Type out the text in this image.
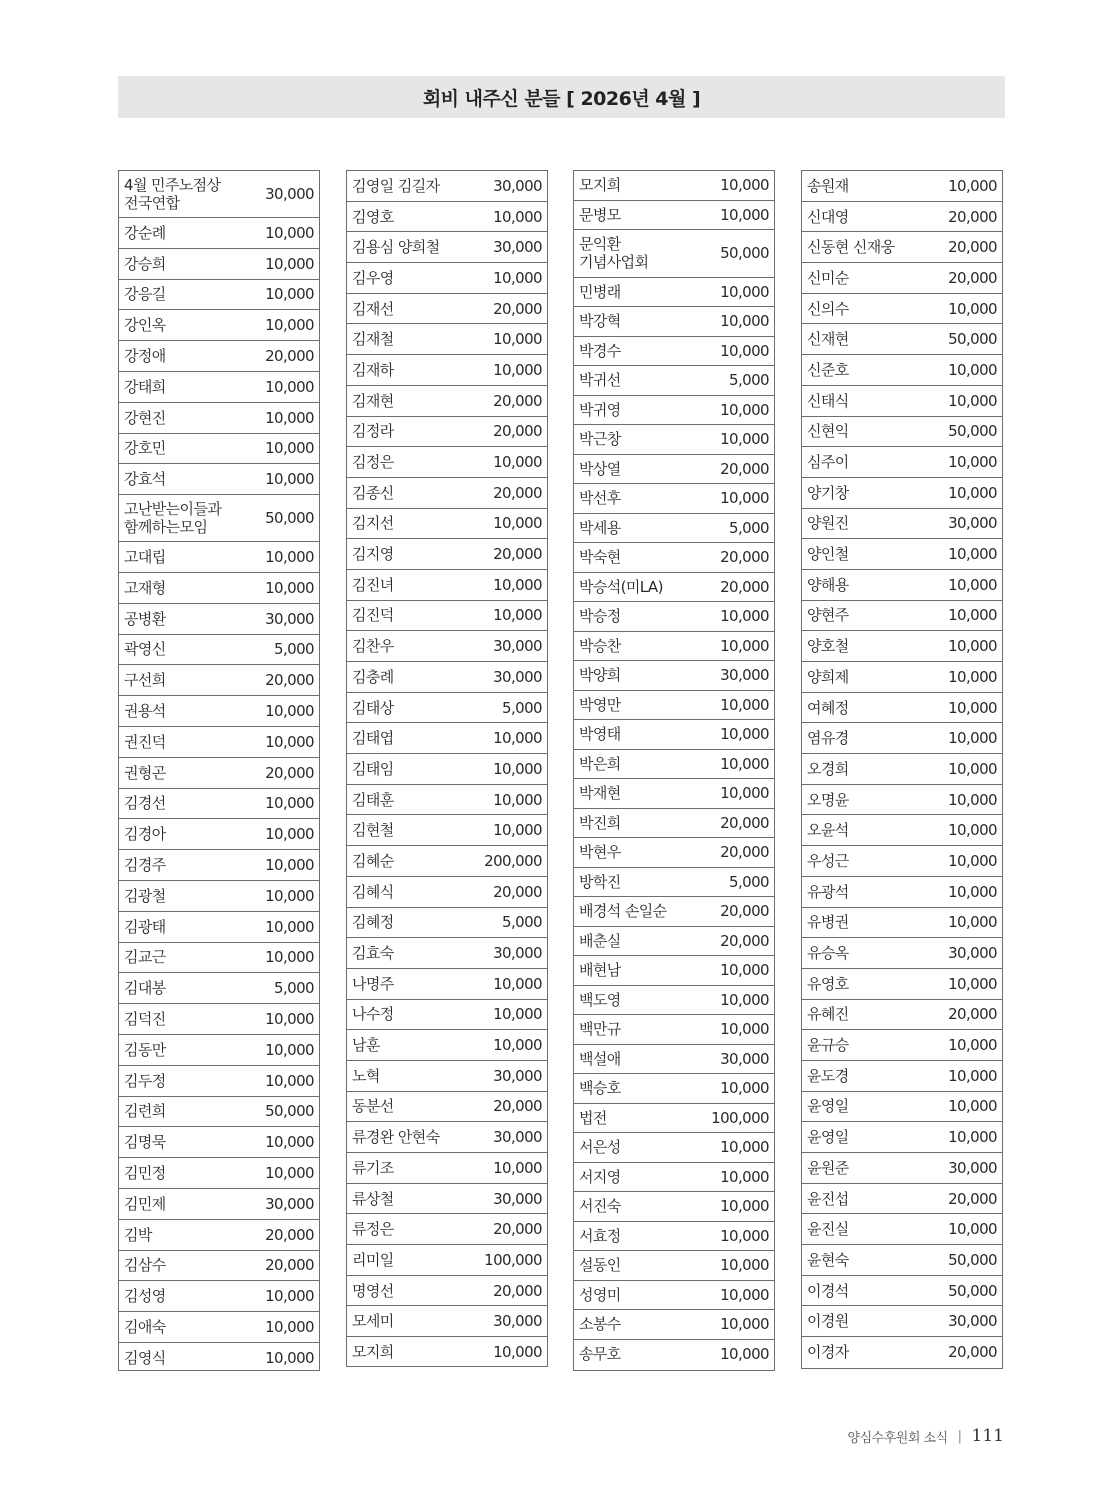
회비 내주신 분들 [ 2026년 4월 ]
4월 민주노점상
전국연합	30,000
강순례	10,000
강승희	10,000
강응길	10,000
강인옥	10,000
강정애	20,000
강태희	10,000
강현진	10,000
강호민	10,000
강효석	10,000
고난받는이들과
함께하는모임	50,000
고대립	10,000
고재형	10,000
공병환	30,000
곽영신	5,000
구선희	20,000
권용석	10,000
권진덕	10,000
권형곤	20,000
김경선	10,000
김경아	10,000
김경주	10,000
김광철	10,000
김광태	10,000
김교근	10,000
김대봉	5,000
김덕진	10,000
김동만	10,000
김두정	10,000
김련희	50,000
김명묵	10,000
김민정	10,000
김민제	30,000
김박	20,000
김삼수	20,000
김성영	10,000
김애숙	10,000
김영식	10,000
김영일 김길자	30,000
김영호	10,000
김용심 양희철	30,000
김우영	10,000
김재선	20,000
김재철	10,000
김재하	10,000
김재현	20,000
김정라	20,000
김정은	10,000
김종신	20,000
김지선	10,000
김지영	20,000
김진녀	10,000
김진덕	10,000
김찬우	30,000
김충례	30,000
김태상	5,000
김태엽	10,000
김태임	10,000
김태훈	10,000
김현철	10,000
김혜순	200,000
김혜식	20,000
김혜정	5,000
김효숙	30,000
나명주	10,000
나수정	10,000
남훈	10,000
노혁	30,000
동분선	20,000
류경완 안현숙	30,000
류기조	10,000
류상철	30,000
류정은	20,000
리미일	100,000
명영선	20,000
모세미	30,000
모지희	10,000
모지희	10,000
문병모	10,000
문익환
기념사업회	50,000
민병래	10,000
박강혁	10,000
박경수	10,000
박귀선	5,000
박귀영	10,000
박근창	10,000
박상열	20,000
박선후	10,000
박세용	5,000
박숙현	20,000
박승석(미LA)	20,000
박승정	10,000
박승찬	10,000
박양희	30,000
박영만	10,000
박영태	10,000
박은희	10,000
박재현	10,000
박진희	20,000
박현우	20,000
방학진	5,000
배경석 손일순	20,000
배춘실	20,000
배현남	10,000
백도영	10,000
백만규	10,000
백설애	30,000
백승호	10,000
법전	100,000
서은성	10,000
서지영	10,000
서진숙	10,000
서효정	10,000
설동인	10,000
성영미	10,000
소봉수	10,000
송무호	10,000
송원재	10,000
신대영	20,000
신동현 신재웅	20,000
신미순	20,000
신의수	10,000
신재현	50,000
신준호	10,000
신태식	10,000
신현익	50,000
심주이	10,000
양기창	10,000
양원진	30,000
양인철	10,000
양해용	10,000
양현주	10,000
양호철	10,000
양희제	10,000
여혜정	10,000
염유경	10,000
오경희	10,000
오명윤	10,000
오윤석	10,000
우성근	10,000
유광석	10,000
유병권	10,000
유승옥	30,000
유영호	10,000
유혜진	20,000
윤규승	10,000
윤도경	10,000
윤영일	10,000
윤영일	10,000
윤원준	30,000
윤진섭	20,000
윤진실	10,000
윤현숙	50,000
이경석	50,000
이경원	30,000
이경자	20,000
양심수후원회 소식 | 111
